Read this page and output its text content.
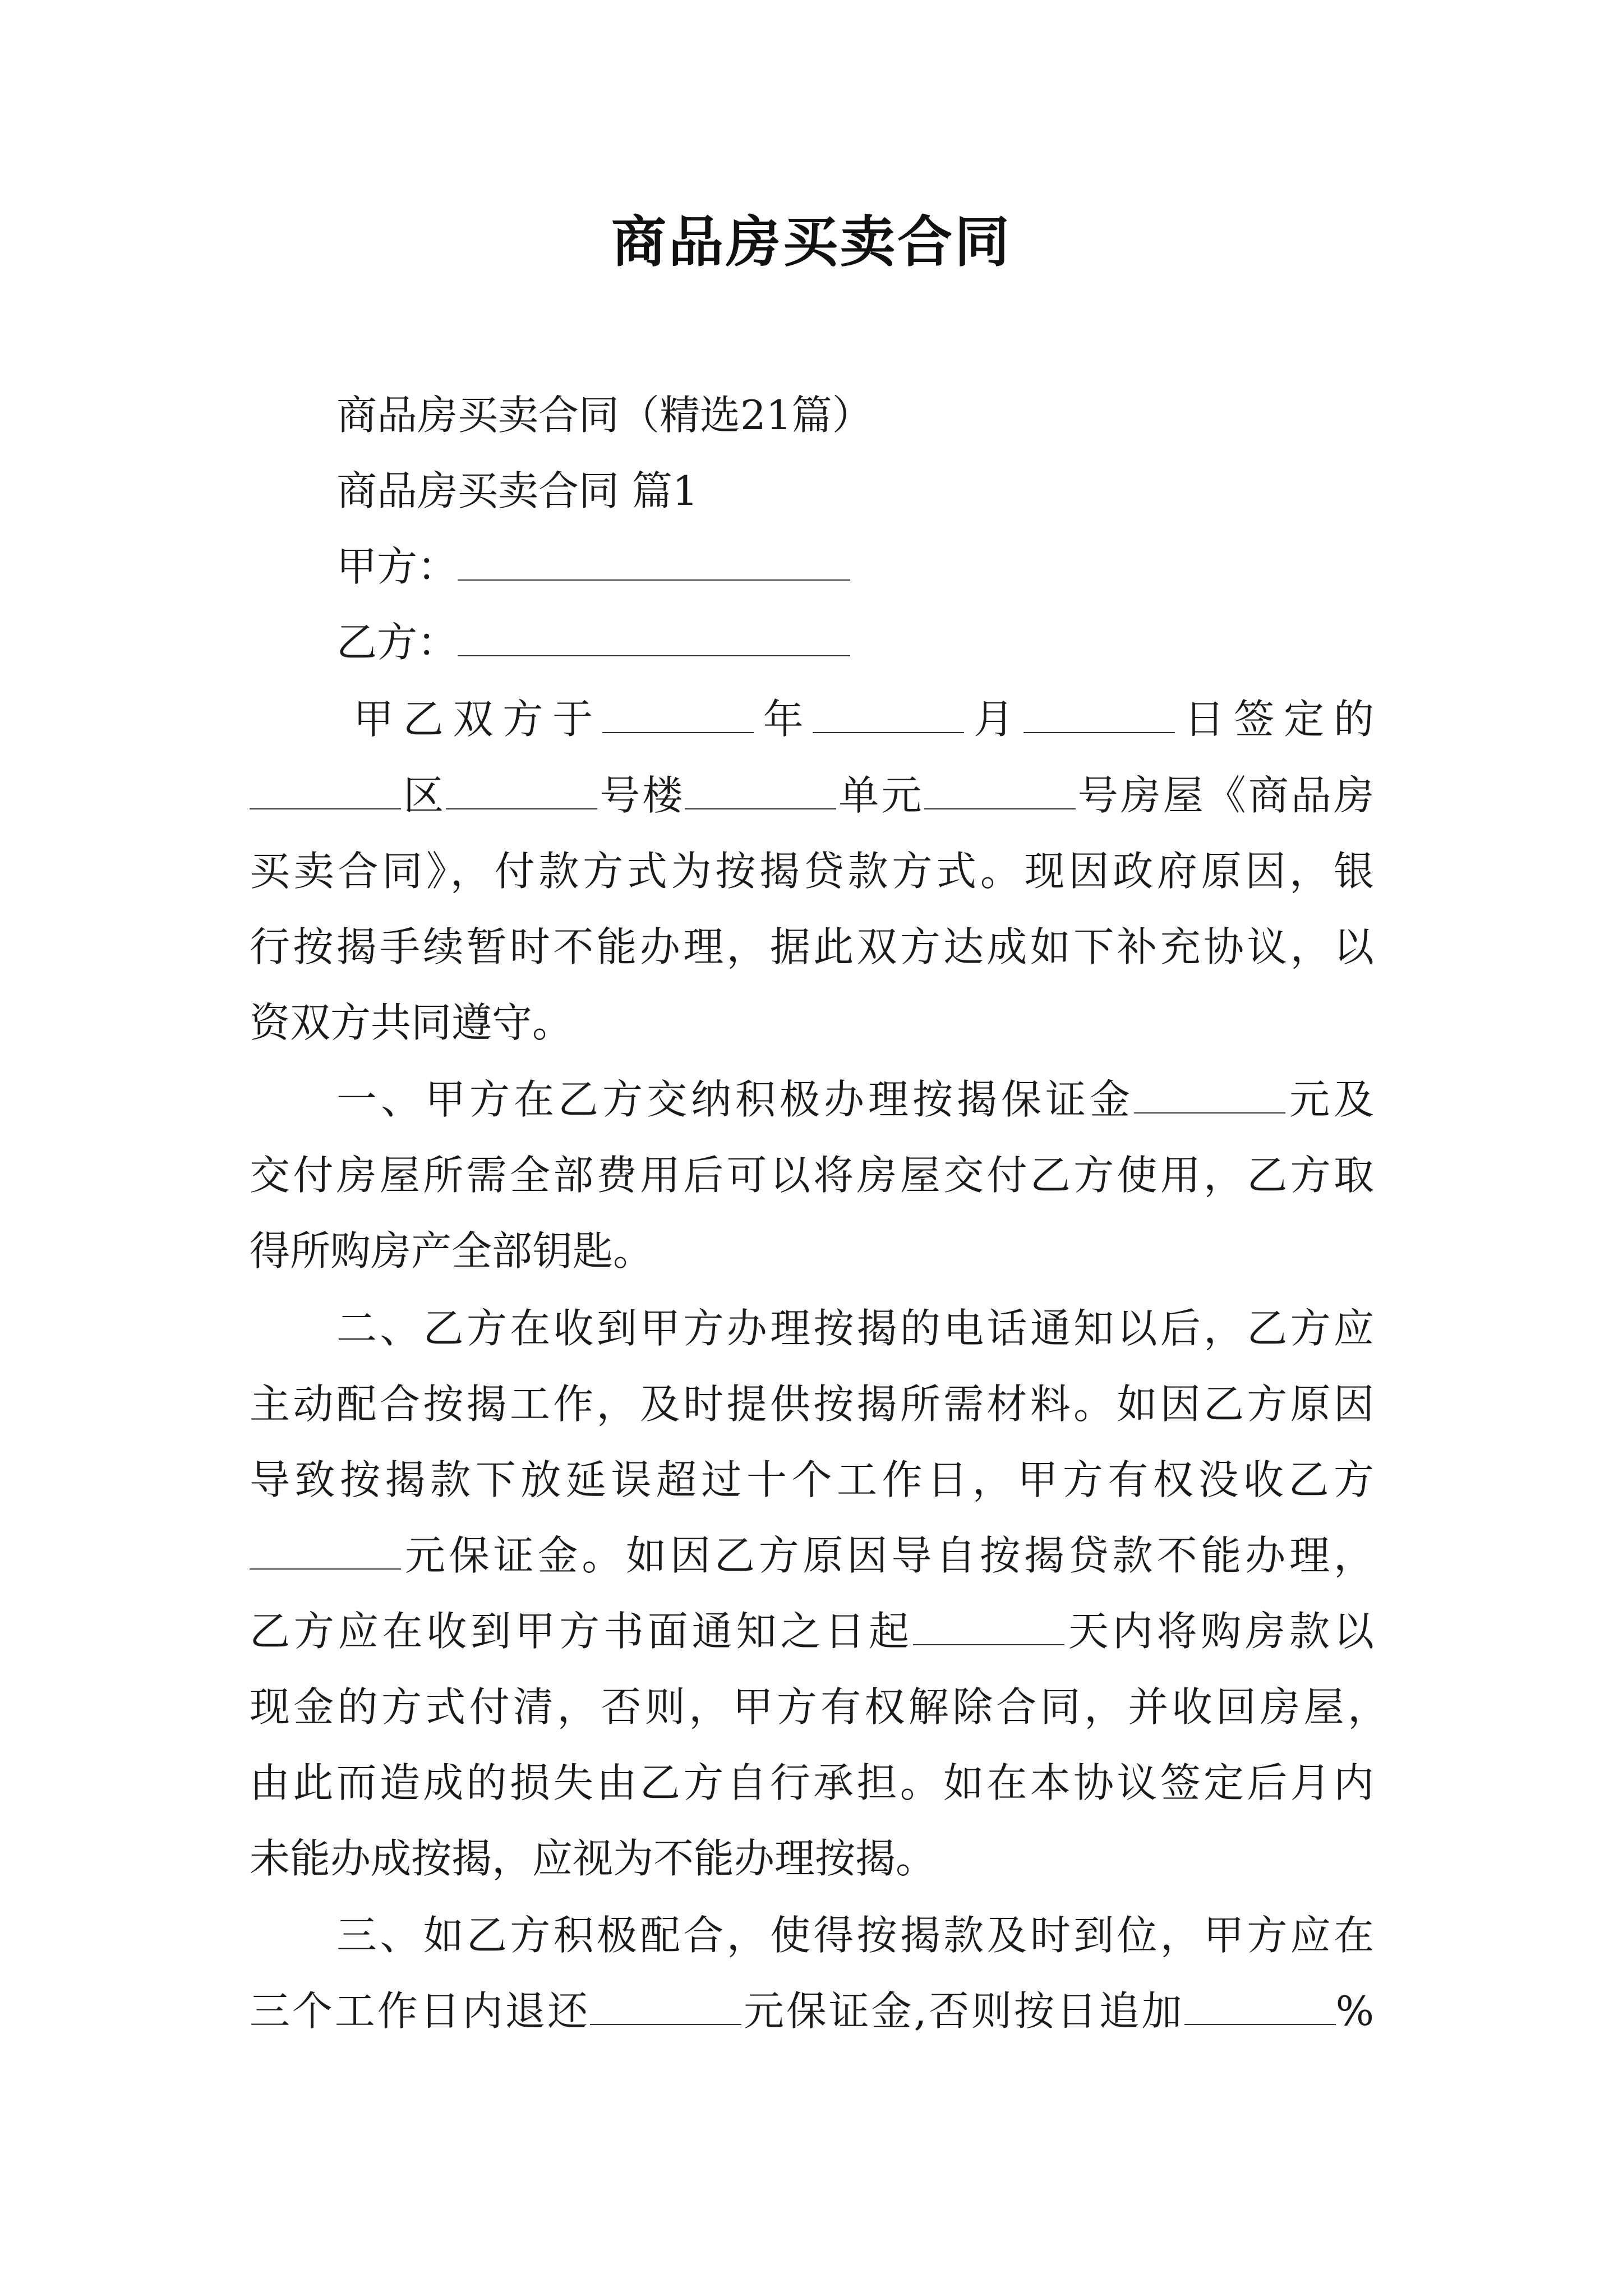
商品房买卖合同
商品房买卖合同（精选21篇）
商品房买卖合同 篇1
甲方：
乙方：
甲乙双方于	年	月	日签定的
区	号楼	单元	号房屋《商品房
买卖合同》，付款方式为按揭贷款方式。现因政府原因，银
行按揭手续暂时不能办理，据此双方达成如下补充协议，以
资双方共同遵守。
一、甲方在乙方交纳积极办理按揭保证金	元及
交付房屋所需全部费用后可以将房屋交付乙方使用，乙方取
得所购房产全部钥匙。
二、乙方在收到甲方办理按揭的电话通知以后，乙方应
主动配合按揭工作，及时提供按揭所需材料。如因乙方原因
导致按揭款下放延误超过十个工作日，甲方有权没收乙方
元保证金。如因乙方原因导自按揭贷款不能办理，
乙方应在收到甲方书面通知之日起	天内将购房款以
现金的方式付清，否则，甲方有权解除合同，并收回房屋，
由此而造成的损失由乙方自行承担。如在本协议签定后月内
未能办成按揭，应视为不能办理按揭。
三、如乙方积极配合，使得按揭款及时到位，甲方应在
三个工作日内退还	元保证金,否则按日追加	%
